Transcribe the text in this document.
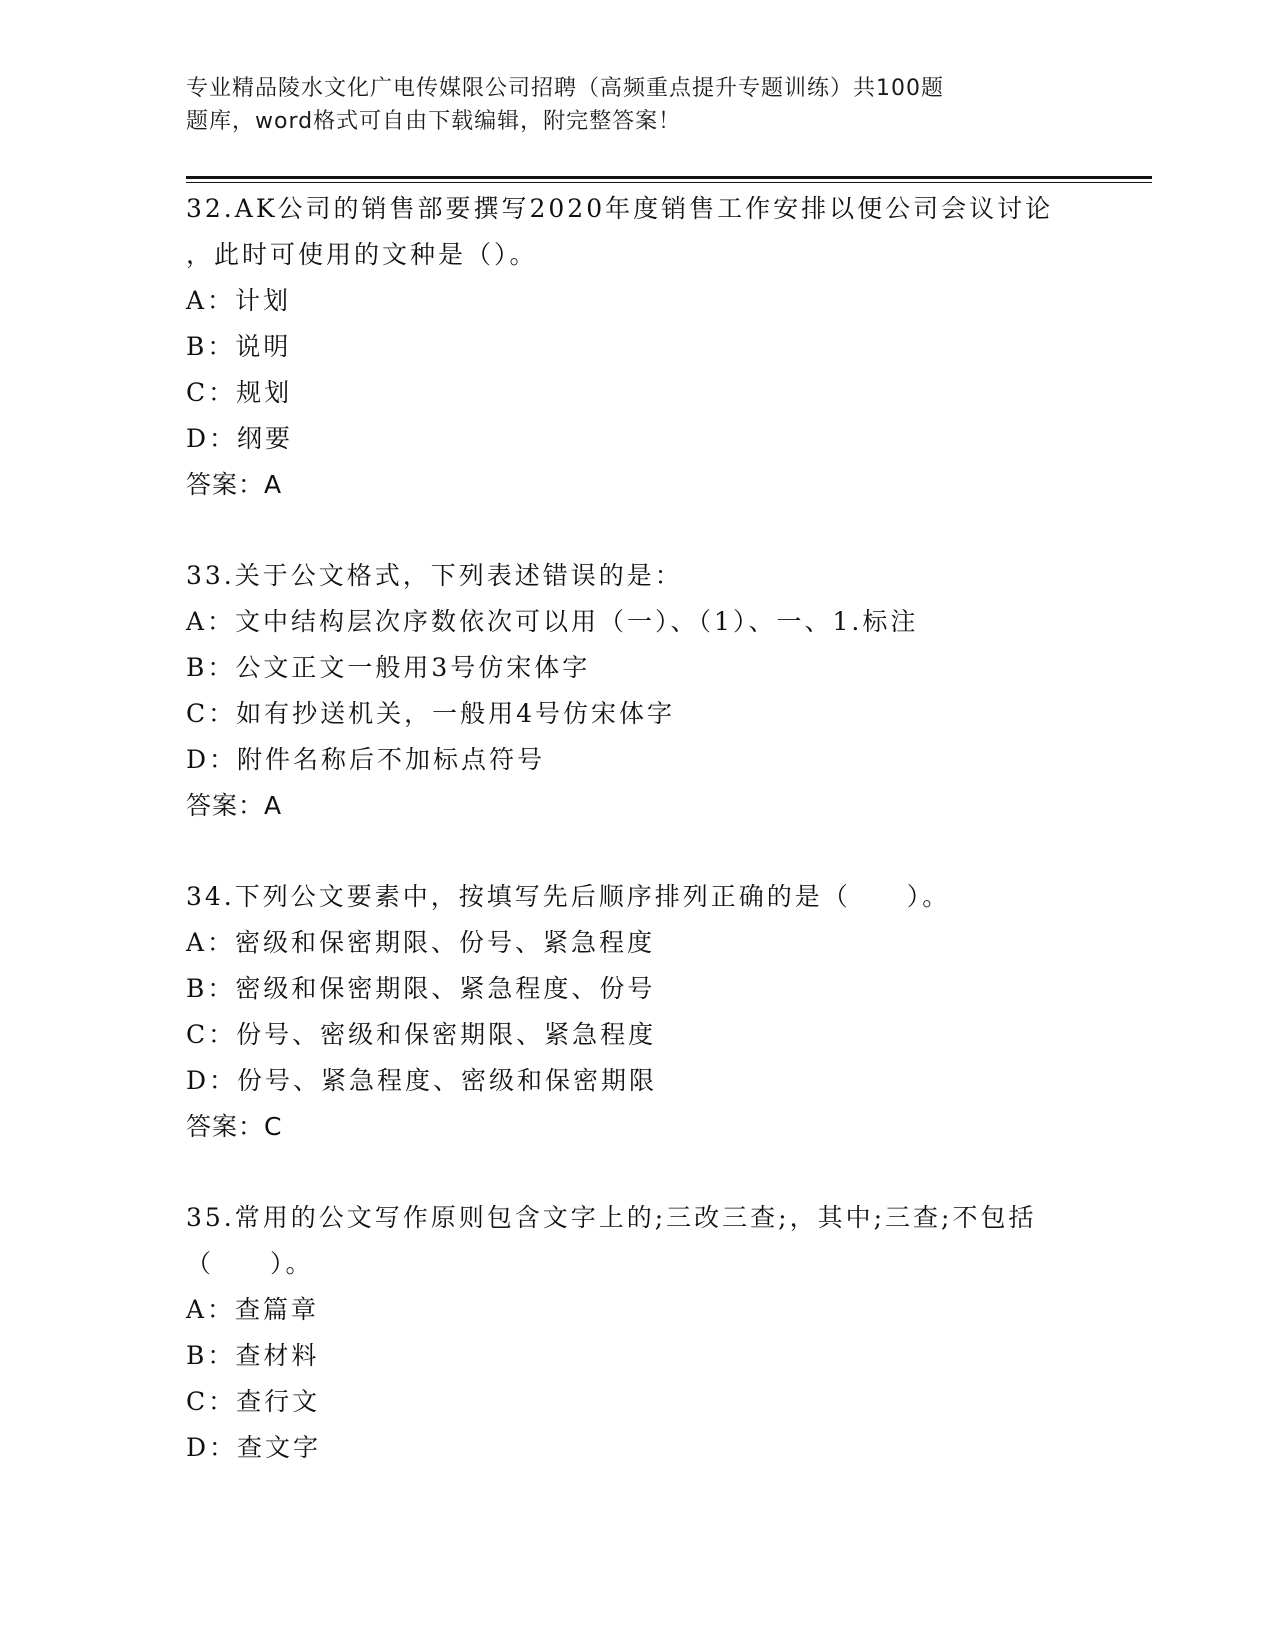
专业精品陵水文化广电传媒限公司招聘（高频重点提升专题训练）共100题
题库，word格式可自由下载编辑，附完整答案！
32.AK公司的销售部要撰写2020年度销售工作安排以便公司会议讨论
，此时可使用的文种是（）。
A：计划
B：说明
C：规划
D：纲要
答案：A
33.关于公文格式，下列表述错误的是：
A：文中结构层次序数依次可以用（一）、（1）、一、1.标注
B：公文正文一般用3号仿宋体字
C：如有抄送机关，一般用4号仿宋体字
D：附件名称后不加标点符号
答案：A
34.下列公文要素中，按填写先后顺序排列正确的是（　　）。
A：密级和保密期限、份号、紧急程度
B：密级和保密期限、紧急程度、份号
C：份号、密级和保密期限、紧急程度
D：份号、紧急程度、密级和保密期限
答案：C
35.常用的公文写作原则包含文字上的;三改三查;，其中;三查;不包括
（　　）。
A：查篇章
B：查材料
C：查行文
D：查文字
